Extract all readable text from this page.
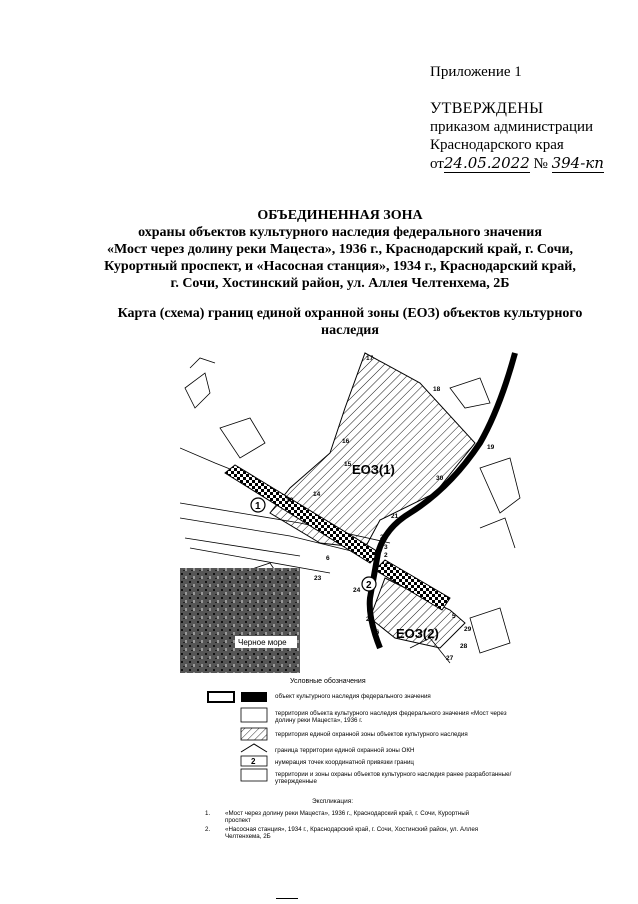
Приложение 1
УТВЕРЖДЕНЫ
приказом администрации
Краснодарского края
от24.05.2022 № 394-кп
ОБЪЕДИНЕННАЯ ЗОНА
охраны объектов культурного наследия федерального значения
«Мост через долину реки Мацеста», 1936 г., Краснодарский край, г. Сочи,
Курортный проспект, и «Насосная станция», 1934 г., Краснодарский край,
г. Сочи, Хостинский район, ул. Аллея Челтенхема, 2Б
Карта (схема) границ единой охранной зоны (ЕОЗ) объектов культурного
наследия
Черное море
ЕОЗ(1)
ЕОЗ(2)
1
2
17
18
19
16
15
13
14
30
21
22
3
2
4
23
5
6
24
25
26
27
28
29
Условные обозначения
2
объект культурного наследия федерального значения
территория объекта культурного наследия федерального значения «Мост через долину реки Мацеста», 1936 г.
территория единой охранной зоны объектов культурного наследия
граница территории единой охранной зоны ОКН
нумерация точек координатной привязки границ
территории и зоны охраны объектов культурного наследия ранее разработанные/утвержденные
Экспликация:
1. «Мост через долину реки Мацеста», 1936 г., Краснодарский край, г. Сочи, Курортный проспект
2. «Насосная станция», 1934 г., Краснодарский край, г. Сочи, Хостинский район, ул. Аллея Челтенхема, 2Б
